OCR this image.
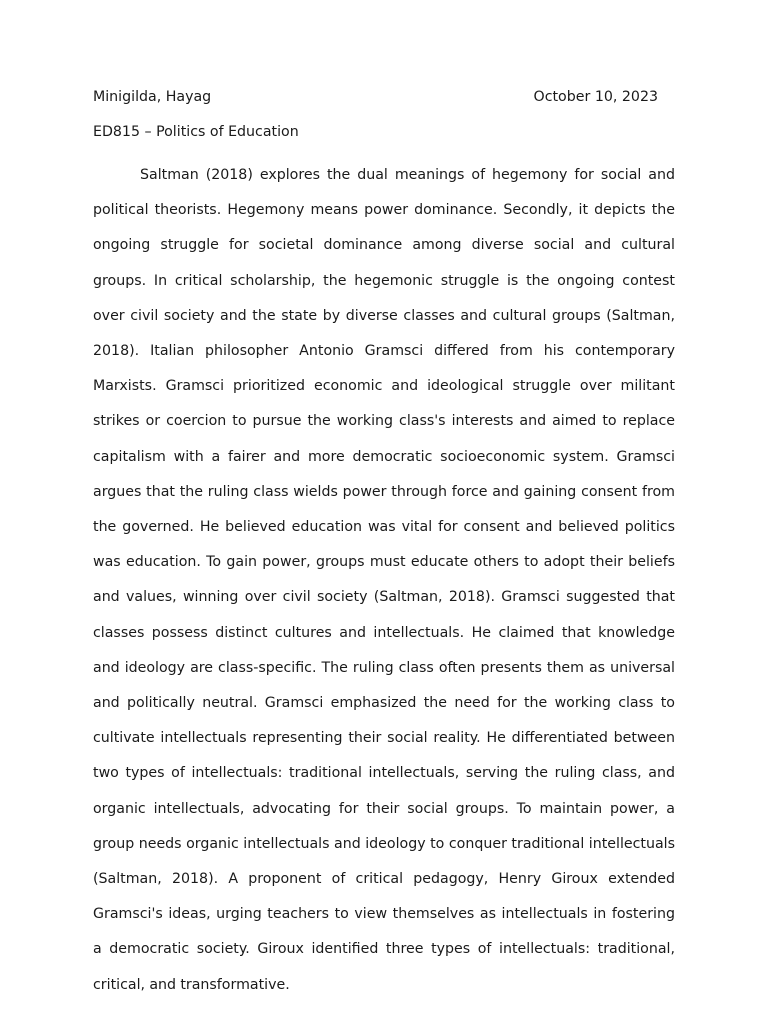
Minigilda, Hayag	October 10, 2023
ED815 – Politics of Education

Saltman (2018) explores the dual meanings of hegemony for social and political theorists. Hegemony means power dominance. Secondly, it depicts the ongoing struggle for societal dominance among diverse social and cultural groups. In critical scholarship, the hegemonic struggle is the ongoing contest over civil society and the state by diverse classes and cultural groups (Saltman, 2018). Italian philosopher Antonio Gramsci differed from his contemporary Marxists. Gramsci prioritized economic and ideological struggle over militant strikes or coercion to pursue the working class's interests and aimed to replace capitalism with a fairer and more democratic socioeconomic system. Gramsci argues that the ruling class wields power through force and gaining consent from the governed. He believed education was vital for consent and believed politics was education. To gain power, groups must educate others to adopt their beliefs and values, winning over civil society (Saltman, 2018). Gramsci suggested that classes possess distinct cultures and intellectuals. He claimed that knowledge and ideology are class-specific. The ruling class often presents them as universal and politically neutral. Gramsci emphasized the need for the working class to cultivate intellectuals representing their social reality. He differentiated between two types of intellectuals: traditional intellectuals, serving the ruling class, and organic intellectuals, advocating for their social groups. To maintain power, a group needs organic intellectuals and ideology to conquer traditional intellectuals (Saltman, 2018). A proponent of critical pedagogy, Henry Giroux extended Gramsci's ideas, urging teachers to view themselves as intellectuals in fostering a democratic society. Giroux identified three types of intellectuals: traditional, critical, and transformative.
